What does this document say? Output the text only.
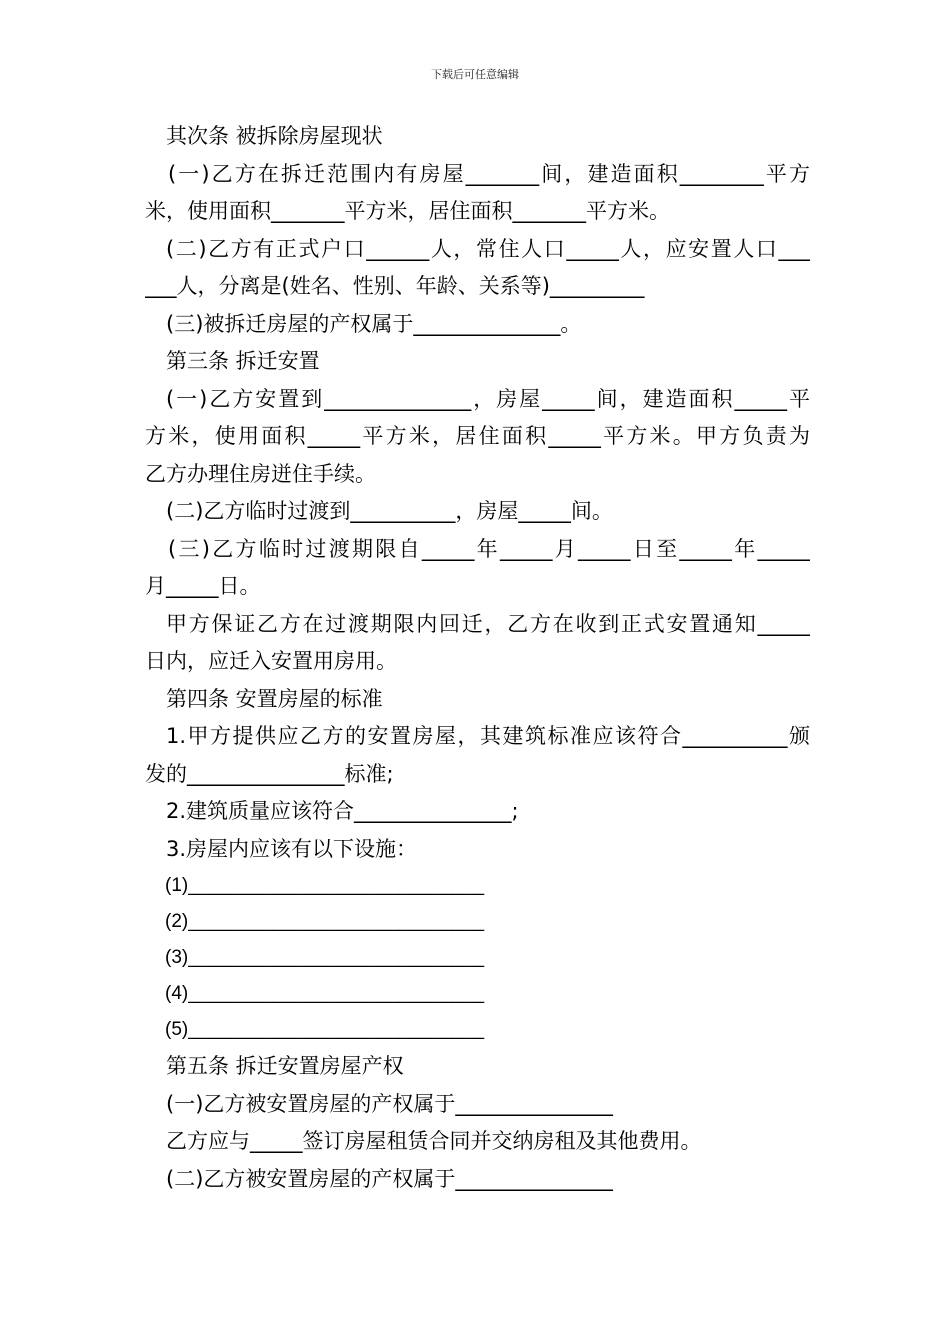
下载后可任意编辑
其次条 被拆除房屋现状
(一)乙方在拆迁范围内有房屋_______间，建造面积________平方
米，使用面积_______平方米，居住面积_______平方米。
(二)乙方有正式户口______人，常住人口_____人，应安置人口___
___人，分离是(姓名、性别、年龄、关系等)_________
(三)被拆迁房屋的产权属于______________。
第三条 拆迁安置
(一)乙方安置到______________，房屋_____间，建造面积_____平
方米，使用面积_____平方米，居住面积_____平方米。甲方负责为
乙方办理住房迸住手续。
(二)乙方临时过渡到__________，房屋_____间。
(三)乙方临时过渡期限自_____年_____月_____日至_____年_____
月_____日。
甲方保证乙方在过渡期限内回迁，乙方在收到正式安置通知_____
日内，应迁入安置用房用。
第四条 安置房屋的标准
1.甲方提供应乙方的安置房屋，其建筑标准应该符合__________颁
发的_______________标准;
2.建筑质量应该符合_______________;
3.房屋内应该有以下设施：
(1)____________________________
(2)____________________________
(3)____________________________
(4)____________________________
(5)____________________________
第五条 拆迁安置房屋产权
(一)乙方被安置房屋的产权属于_______________
乙方应与_____签订房屋租赁合同并交纳房租及其他费用。
(二)乙方被安置房屋的产权属于_______________
